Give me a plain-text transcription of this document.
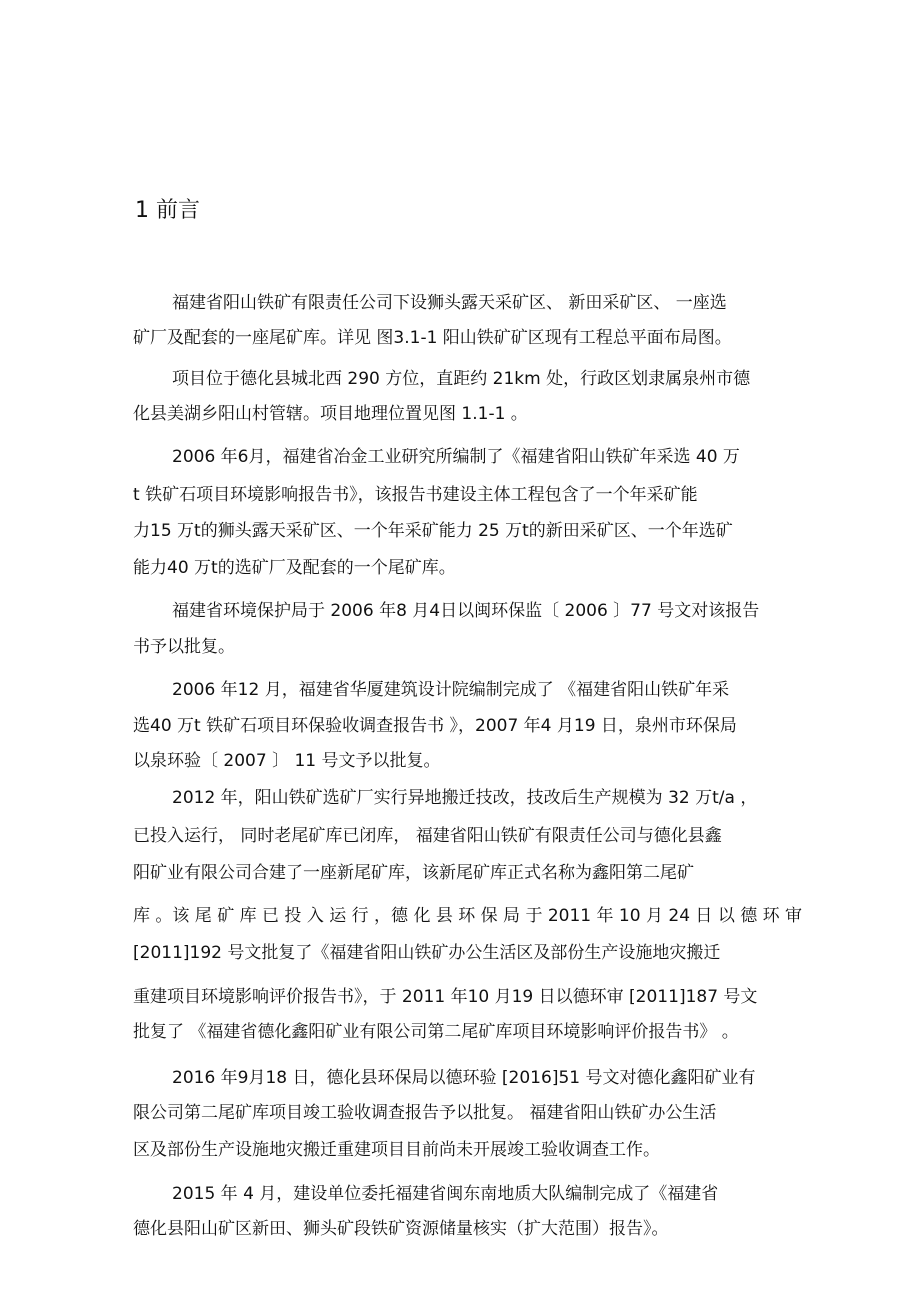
1 前言

福建省阳山铁矿有限责任公司下设狮头露天采矿区、 新田采矿区、 一座选

矿厂及配套的一座尾矿库。详见 图3.1-1 阳山铁矿矿区现有工程总平面布局图。

项目位于德化县城北西 290 方位，直距约 21km 处，行政区划隶属泉州市德

化县美湖乡阳山村管辖。项目地理位置见图 1.1-1 。

2006 年6月，福建省冶金工业研究所编制了《福建省阳山铁矿年采选 40 万

t 铁矿石项目环境影响报告书》，该报告书建设主体工程包含了一个年采矿能

力15 万t的狮头露天采矿区、一个年采矿能力 25 万t的新田采矿区、一个年选矿

能力40 万t的选矿厂及配套的一个尾矿库。

福建省环境保护局于 2006 年8 月4日以闽环保监〔 2006 〕77 号文对该报告

书予以批复。

2006 年12 月，福建省华厦建筑设计院编制完成了 《福建省阳山铁矿年采

选40 万t 铁矿石项目环保验收调查报告书 》，2007 年4 月19 日，泉州市环保局

以泉环验〔 2007 〕 11 号文予以批复。

2012 年，阳山铁矿选矿厂实行异地搬迁技改，技改后生产规模为 32 万t/a ，

已投入运行， 同时老尾矿库已闭库， 福建省阳山铁矿有限责任公司与德化县鑫

阳矿业有限公司合建了一座新尾矿库，该新尾矿库正式名称为鑫阳第二尾矿

库 。该 尾 矿 库 已 投 入 运 行 ，德 化 县 环 保 局 于 2011 年 10 月 24 日 以 德 环 审

[2011]192 号文批复了《福建省阳山铁矿办公生活区及部份生产设施地灾搬迁

重建项目环境影响评价报告书》，于 2011 年10 月19 日以德环审 [2011]187 号文

批复了 《福建省德化鑫阳矿业有限公司第二尾矿库项目环境影响评价报告书》 。

2016 年9月18 日，德化县环保局以德环验 [2016]51 号文对德化鑫阳矿业有

限公司第二尾矿库项目竣工验收调查报告予以批复。 福建省阳山铁矿办公生活

区及部份生产设施地灾搬迁重建项目目前尚未开展竣工验收调查工作。

2015 年 4 月，建设单位委托福建省闽东南地质大队编制完成了《福建省

德化县阳山矿区新田、狮头矿段铁矿资源储量核实（扩大范围）报告》。
